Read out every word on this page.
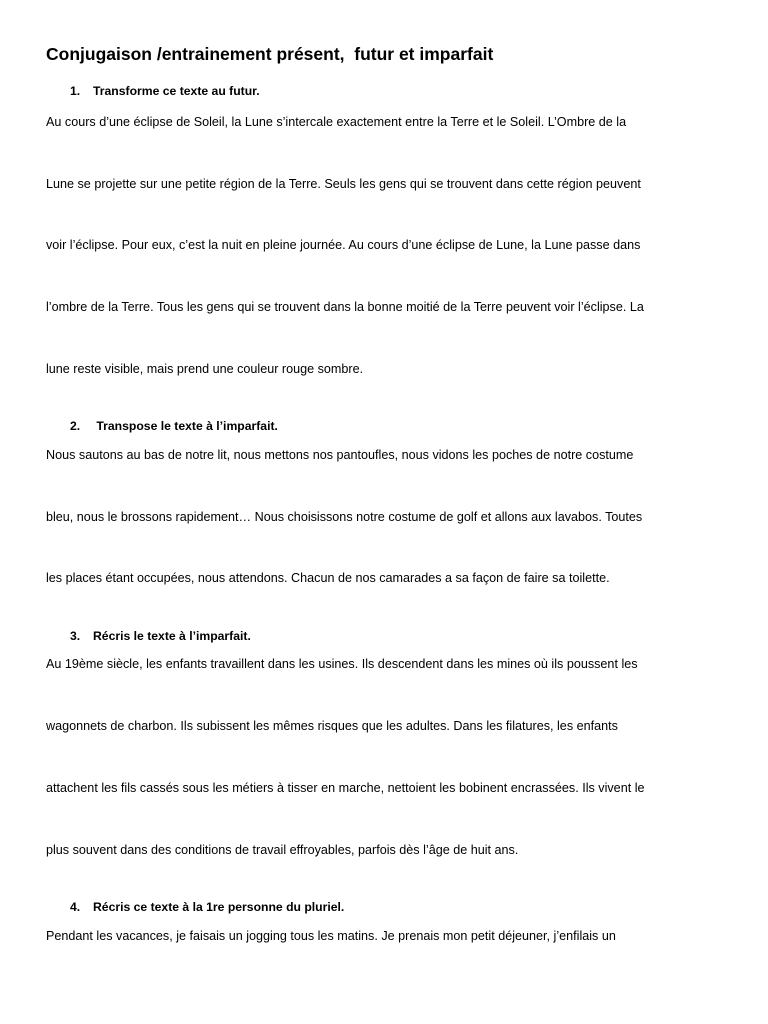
Conjugaison /entrainement présent,  futur et imparfait
1. Transforme ce texte au futur.
Au cours d’une éclipse de Soleil, la Lune s’intercale exactement entre la Terre et le Soleil. L’Ombre de la
Lune se projette sur une petite région de la Terre. Seuls les gens qui se trouvent dans cette région peuvent
voir l’éclipse. Pour eux, c’est la nuit en pleine journée. Au cours d’une éclipse de Lune, la Lune passe dans
l’ombre de la Terre. Tous les gens qui se trouvent dans la bonne moitié de la Terre peuvent voir l’éclipse. La
lune reste visible, mais prend une couleur rouge sombre.
2. Transpose le texte à l’imparfait.
Nous sautons au bas de notre lit, nous mettons nos pantoufles, nous vidons les poches de notre costume
bleu, nous le brossons rapidement… Nous choisissons notre costume de golf et allons aux lavabos. Toutes
les places étant occupées, nous attendons. Chacun de nos camarades a sa façon de faire sa toilette.
3. Récris le texte à l’imparfait.
Au 19ème siècle, les enfants travaillent dans les usines. Ils descendent dans les mines où ils poussent les
wagonnets de charbon. Ils subissent les mêmes risques que les adultes. Dans les filatures, les enfants
attachent les fils cassés sous les métiers à tisser en marche, nettoient les bobinent encrassées. Ils vivent le
plus souvent dans des conditions de travail effroyables, parfois dès l’âge de huit ans.
4. Récris ce texte à la 1re personne du pluriel.
Pendant les vacances, je faisais un jogging tous les matins. Je prenais mon petit déjeuner, j’enfilais un
